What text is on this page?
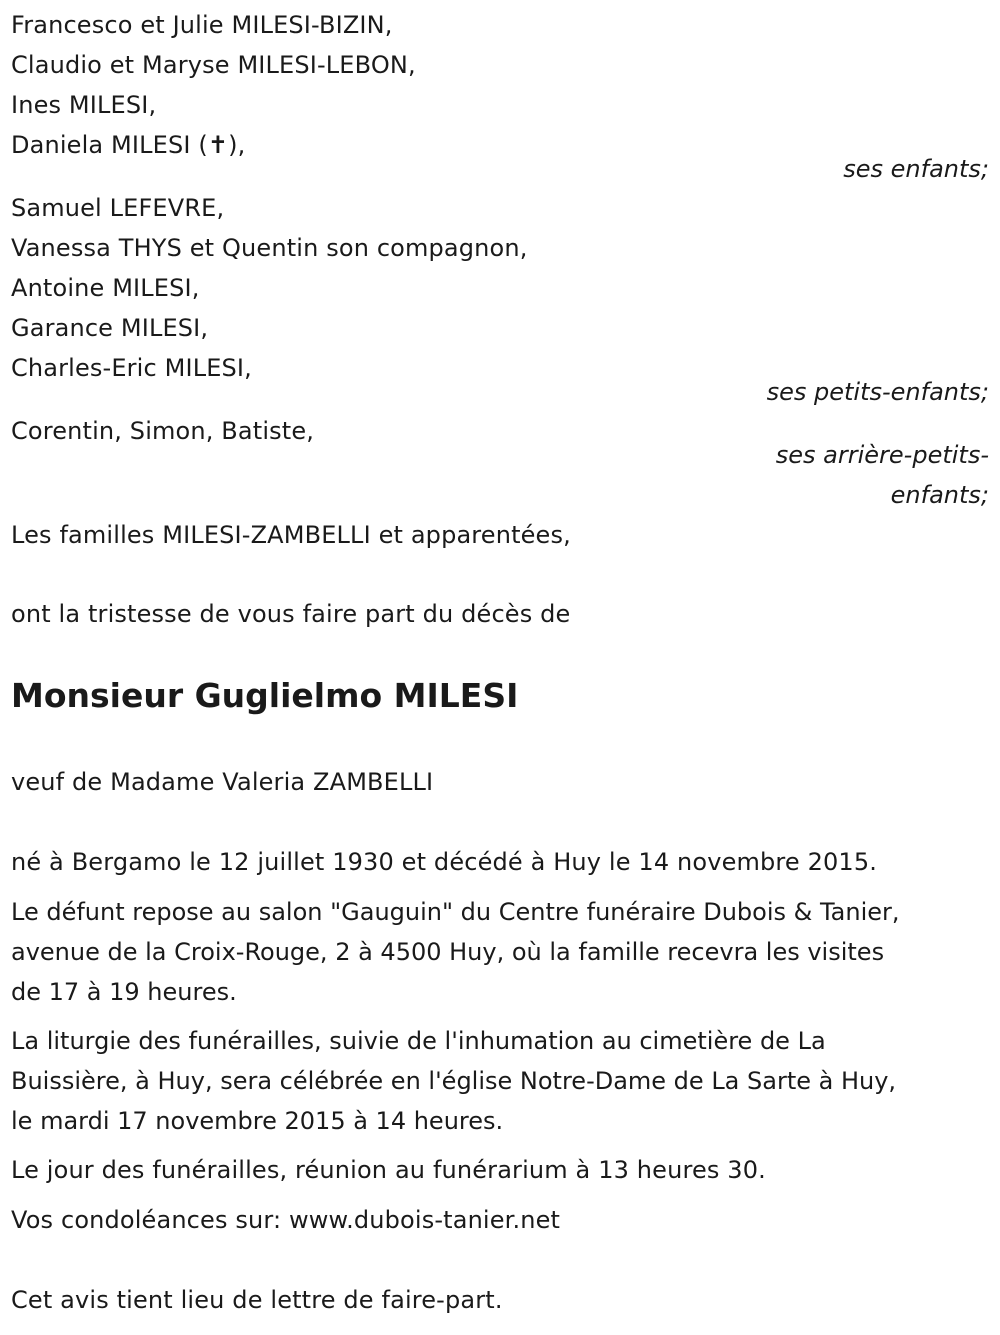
Francesco et Julie MILESI-BIZIN,
Claudio et Maryse MILESI-LEBON,
Ines MILESI,
Daniela MILESI (✝),
ses enfants;
Samuel LEFEVRE,
Vanessa THYS et Quentin son compagnon,
Antoine MILESI,
Garance MILESI,
Charles-Eric MILESI,
ses petits-enfants;
Corentin, Simon, Batiste,
ses arrière-petits-
enfants;
Les familles MILESI-ZAMBELLI et apparentées,
ont la tristesse de vous faire part du décès de
Monsieur Guglielmo MILESI
veuf de Madame Valeria ZAMBELLI
né à Bergamo le 12 juillet 1930 et décédé à Huy le 14 novembre 2015.
Le défunt repose au salon "Gauguin" du Centre funéraire Dubois & Tanier,
avenue de la Croix-Rouge, 2 à 4500 Huy, où la famille recevra les visites
de 17 à 19 heures.
La liturgie des funérailles, suivie de l'inhumation au cimetière de La
Buissière, à Huy, sera célébrée en l'église Notre-Dame de La Sarte à Huy,
le mardi 17 novembre 2015 à 14 heures.
Le jour des funérailles, réunion au funérarium à 13 heures 30.
Vos condoléances sur: www.dubois-tanier.net
Cet avis tient lieu de lettre de faire-part.
